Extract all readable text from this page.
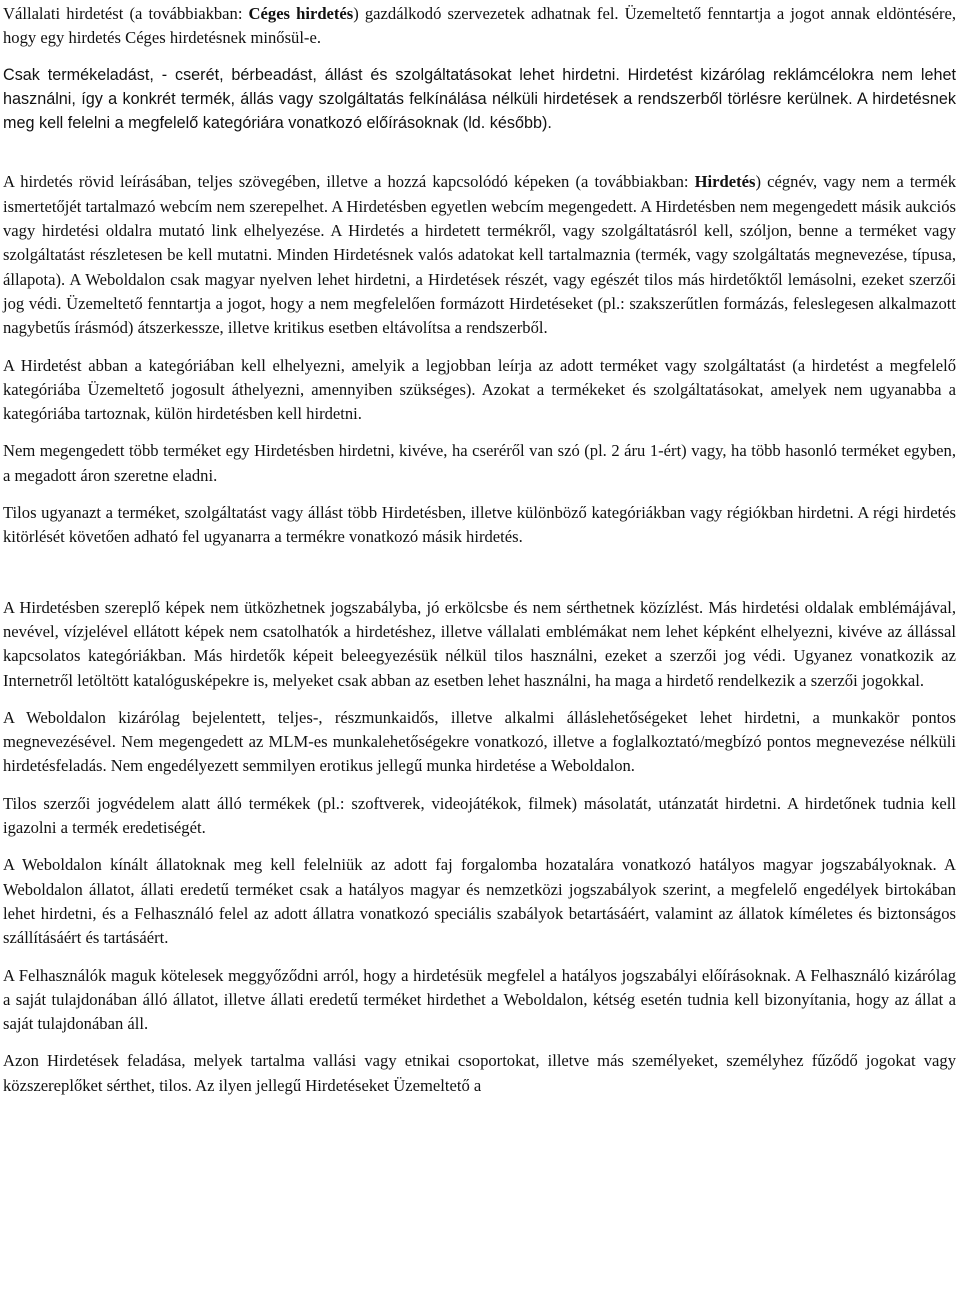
Vállalati hirdetést (a továbbiakban: Céges hirdetés) gazdálkodó szervezetek adhatnak fel. Üzemeltető fenntartja a jogot annak eldöntésére, hogy egy hirdetés Céges hirdetésnek minősül-e.

Csak termékeladást, - cserét, bérbeadást, állást és szolgáltatásokat lehet hirdetni. Hirdetést kizárólag reklámcélokra nem lehet használni, így a konkrét termék, állás vagy szolgáltatás felkínálása nélküli hirdetések a rendszerből törlésre kerülnek. A hirdetésnek meg kell felelni a megfelelő kategóriára vonatkozó előírásoknak (ld. később).

A hirdetés rövid leírásában, teljes szövegében, illetve a hozzá kapcsolódó képeken (a továbbiakban: Hirdetés) cégnév, vagy nem a termék ismertetőjét tartalmazó webcím nem szerepelhet. A Hirdetésben egyetlen webcím megengedett. A Hirdetésben nem megengedett másik aukciós vagy hirdetési oldalra mutató link elhelyezése. A Hirdetés a hirdetett termékről, vagy szolgáltatásról kell, szóljon, benne a terméket vagy szolgáltatást részletesen be kell mutatni. Minden Hirdetésnek valós adatokat kell tartalmaznia (termék, vagy szolgáltatás megnevezése, típusa, állapota). A Weboldalon csak magyar nyelven lehet hirdetni, a Hirdetések részét, vagy egészét tilos más hirdetőktől lemásolni, ezeket szerzői jog védi. Üzemeltető fenntartja a jogot, hogy a nem megfelelően formázott Hirdetéseket (pl.: szakszerűtlen formázás, feleslegesen alkalmazott nagybetűs írásmód) átszerkessze, illetve kritikus esetben eltávolítsa a rendszerből.

A Hirdetést abban a kategóriában kell elhelyezni, amelyik a legjobban leírja az adott terméket vagy szolgáltatást (a hirdetést a megfelelő kategóriába Üzemeltető jogosult áthelyezni, amennyiben szükséges). Azokat a termékeket és szolgáltatásokat, amelyek nem ugyanabba a kategóriába tartoznak, külön hirdetésben kell hirdetni.

Nem megengedett több terméket egy Hirdetésben hirdetni, kivéve, ha cseréről van szó (pl. 2 áru 1-ért) vagy, ha több hasonló terméket egyben, a megadott áron szeretne eladni.

Tilos ugyanazt a terméket, szolgáltatást vagy állást több Hirdetésben, illetve különböző kategóriákban vagy régiókban hirdetni. A régi hirdetés kitörlését követően adható fel ugyanarra a termékre vonatkozó másik hirdetés.

A Hirdetésben szereplő képek nem ütközhetnek jogszabályba, jó erkölcsbe és nem sérthetnek közízlést. Más hirdetési oldalak emblémájával, nevével, vízjelével ellátott képek nem csatolhatók a hirdetéshez, illetve vállalati emblémákat nem lehet képként elhelyezni, kivéve az állással kapcsolatos kategóriákban. Más hirdetők képeit beleegyezésük nélkül tilos használni, ezeket a szerzői jog védi. Ugyanez vonatkozik az Internetről letöltött katalógusképekre is, melyeket csak abban az esetben lehet használni, ha maga a hirdető rendelkezik a szerzői jogokkal.

A Weboldalon kizárólag bejelentett, teljes-, részmunkaidős, illetve alkalmi álláslehetőségeket lehet hirdetni, a munkakör pontos megnevezésével. Nem megengedett az MLM-es munkalehetőségekre vonatkozó, illetve a foglalkoztató/megbízó pontos megnevezése nélküli hirdetésfeladás. Nem engedélyezett semmilyen erotikus jellegű munka hirdetése a Weboldalon.

Tilos szerzői jogvédelem alatt álló termékek (pl.: szoftverek, videojátékok, filmek) másolatát, utánzatát hirdetni. A hirdetőnek tudnia kell igazolni a termék eredetiségét.

A Weboldalon kínált állatoknak meg kell felelniük az adott faj forgalomba hozatalára vonatkozó hatályos magyar jogszabályoknak. A Weboldalon állatot, állati eredetű terméket csak a hatályos magyar és nemzetközi jogszabályok szerint, a megfelelő engedélyek birtokában lehet hirdetni, és a Felhasználó felel az adott állatra vonatkozó speciális szabályok betartásáért, valamint az állatok kíméletes és biztonságos szállításáért és tartásáért.

A Felhasználók maguk kötelesek meggyőződni arról, hogy a hirdetésük megfelel a hatályos jogszabályi előírásoknak. A Felhasználó kizárólag a saját tulajdonában álló állatot, illetve állati eredetű terméket hirdethet a Weboldalon, kétség esetén tudnia kell bizonyítania, hogy az állat a saját tulajdonában áll.

Azon Hirdetések feladása, melyek tartalma vallási vagy etnikai csoportokat, illetve más személyeket, személyhez fűződő jogokat vagy közszereplőket sérthet, tilos. Az ilyen jellegű Hirdetéseket Üzemeltető a
